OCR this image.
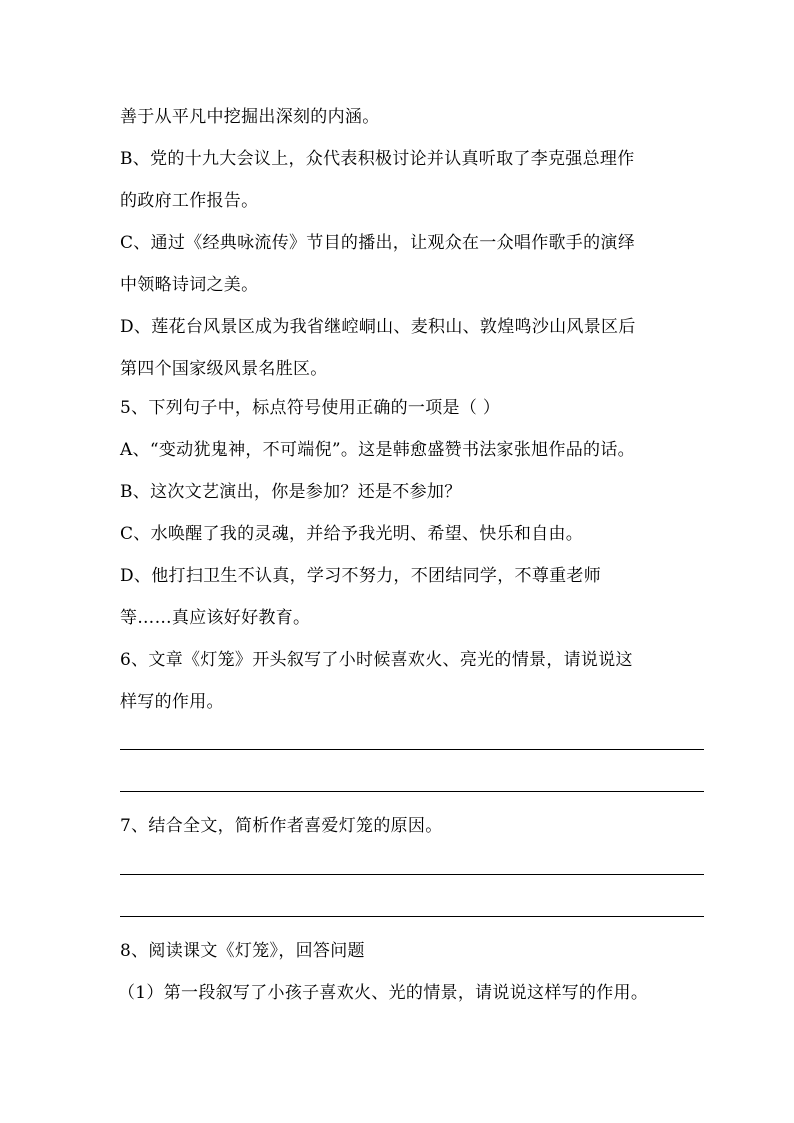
善于从平凡中挖掘出深刻的内涵。
B、党的十九大会议上，众代表积极讨论并认真听取了李克强总理作
的政府工作报告。
C、通过《经典咏流传》节目的播出，让观众在一众唱作歌手的演绎
中领略诗词之美。
D、莲花台风景区成为我省继崆峒山、麦积山、敦煌鸣沙山风景区后
第四个国家级风景名胜区。
5、下列句子中，标点符号使用正确的一项是（ ）
A、“变动犹鬼神，不可端倪”。这是韩愈盛赞书法家张旭作品的话。
B、这次文艺演出，你是参加？还是不参加？
C、水唤醒了我的灵魂，并给予我光明、希望、快乐和自由。
D、他打扫卫生不认真，学习不努力，不团结同学，不尊重老师
等……真应该好好教育。
6、文章《灯笼》开头叙写了小时候喜欢火、亮光的情景，请说说这
样写的作用。
7、结合全文，简析作者喜爱灯笼的原因。
8、阅读课文《灯笼》，回答问题
（1）第一段叙写了小孩子喜欢火、光的情景，请说说这样写的作用。
